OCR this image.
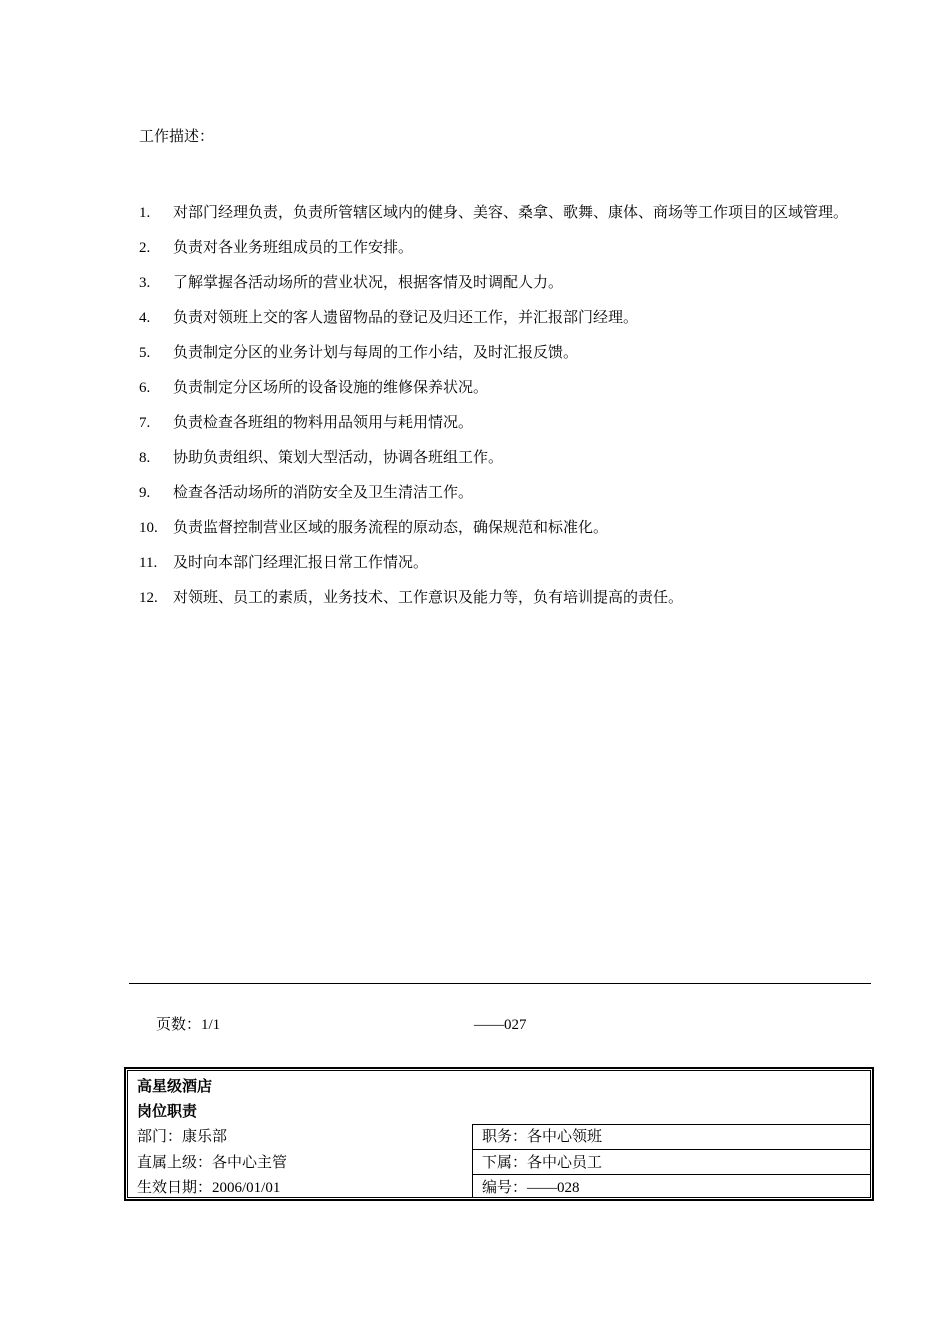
工作描述：
1.	对部门经理负责，负责所管辖区域内的健身、美容、桑拿、歌舞、康体、商场等工作项目的区域管理。
2.	负责对各业务班组成员的工作安排。
3.	了解掌握各活动场所的营业状况，根据客情及时调配人力。
4.	负责对领班上交的客人遗留物品的登记及归还工作，并汇报部门经理。
5.	负责制定分区的业务计划与每周的工作小结，及时汇报反馈。
6.	负责制定分区场所的设备设施的维修保养状况。
7.	负责检查各班组的物料用品领用与耗用情况。
8.	协助负责组织、策划大型活动，协调各班组工作。
9.	检查各活动场所的消防安全及卫生清洁工作。
10.	负责监督控制营业区域的服务流程的原动态，确保规范和标准化。
11.	及时向本部门经理汇报日常工作情况。
12.	对领班、员工的素质，业务技术、工作意识及能力等，负有培训提高的责任。
页数：1/1	——027
高星级酒店
岗位职责
部门：康乐部	职务：各中心领班
直属上级：各中心主管	下属：各中心员工
生效日期：2006/01/01	编号：——028
